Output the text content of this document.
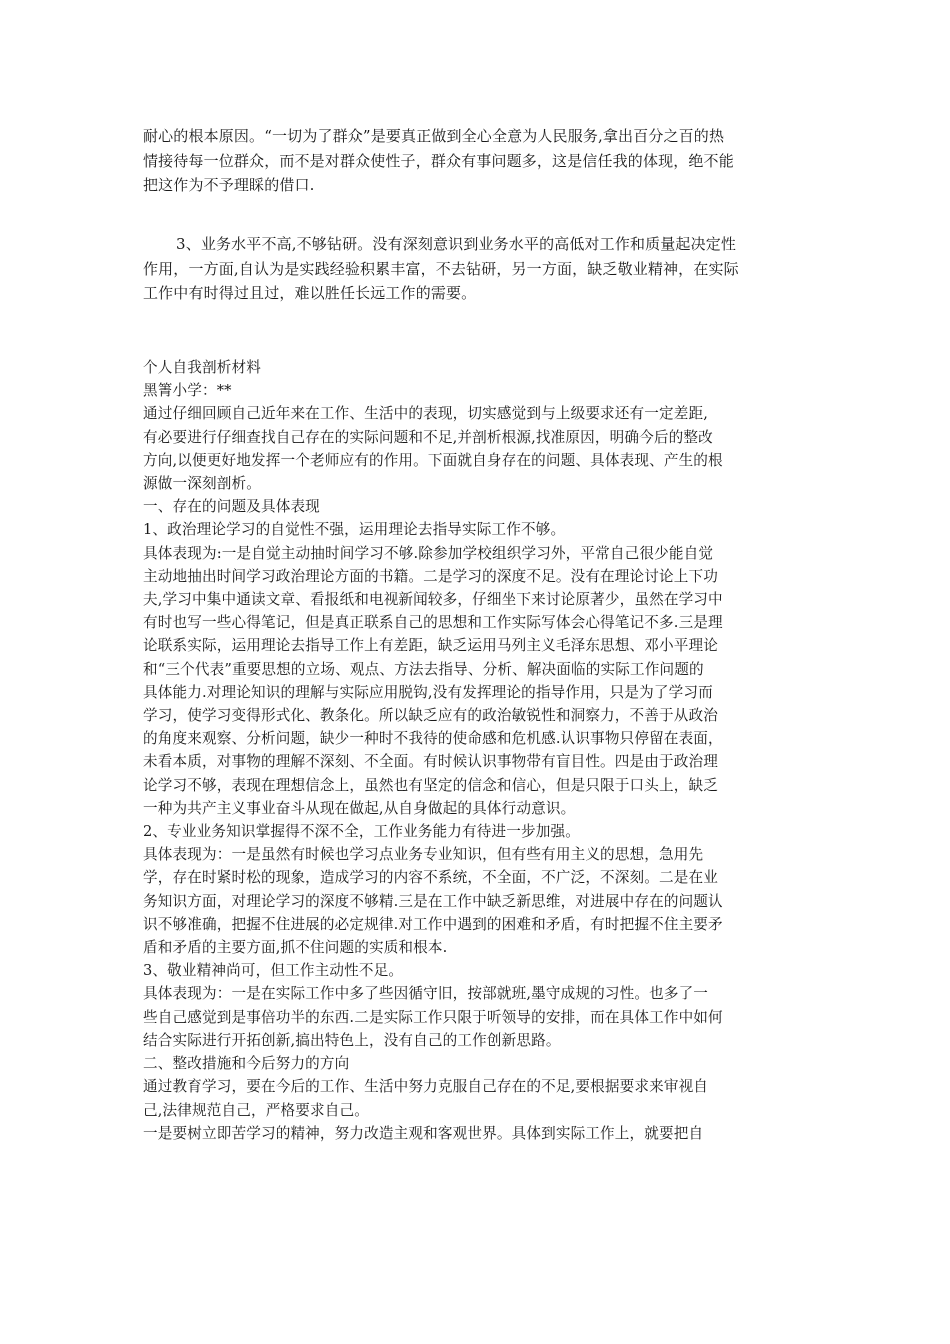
耐心的根本原因。“一切为了群众”是要真正做到全心全意为人民服务,拿出百分之百的热
情接待每一位群众，而不是对群众使性子，群众有事问题多，这是信任我的体现，绝不能
把这作为不予理睬的借口.
3、业务水平不高,不够钻研。没有深刻意识到业务水平的高低对工作和质量起决定性
作用，一方面,自认为是实践经验积累丰富，不去钻研，另一方面，缺乏敬业精神，在实际
工作中有时得过且过，难以胜任长远工作的需要。
个人自我剖析材料
黑箐小学：**
通过仔细回顾自己近年来在工作、生活中的表现，切实感觉到与上级要求还有一定差距,
有必要进行仔细查找自己存在的实际问题和不足,并剖析根源,找准原因，明确今后的整改
方向,以便更好地发挥一个老师应有的作用。下面就自身存在的问题、具体表现、产生的根
源做一深刻剖析。
一、存在的问题及具体表现
1、政治理论学习的自觉性不强，运用理论去指导实际工作不够。
具体表现为:一是自觉主动抽时间学习不够.除参加学校组织学习外，平常自己很少能自觉
主动地抽出时间学习政治理论方面的书籍。二是学习的深度不足。没有在理论讨论上下功
夫,学习中集中通读文章、看报纸和电视新闻较多，仔细坐下来讨论原著少，虽然在学习中
有时也写一些心得笔记，但是真正联系自己的思想和工作实际写体会心得笔记不多.三是理
论联系实际，运用理论去指导工作上有差距，缺乏运用马列主义毛泽东思想、邓小平理论
和“三个代表”重要思想的立场、观点、方法去指导、分析、解决面临的实际工作问题的
具体能力.对理论知识的理解与实际应用脱钩,没有发挥理论的指导作用，只是为了学习而
学习，使学习变得形式化、教条化。所以缺乏应有的政治敏锐性和洞察力，不善于从政治
的角度来观察、分析问题，缺少一种时不我待的使命感和危机感.认识事物只停留在表面，
未看本质，对事物的理解不深刻、不全面。有时候认识事物带有盲目性。四是由于政治理
论学习不够，表现在理想信念上，虽然也有坚定的信念和信心，但是只限于口头上，缺乏
一种为共产主义事业奋斗从现在做起,从自身做起的具体行动意识。
2、专业业务知识掌握得不深不全，工作业务能力有待进一步加强。
具体表现为：一是虽然有时候也学习点业务专业知识，但有些有用主义的思想，急用先
学，存在时紧时松的现象，造成学习的内容不系统，不全面，不广泛，不深刻。二是在业
务知识方面，对理论学习的深度不够精.三是在工作中缺乏新思维，对进展中存在的问题认
识不够准确，把握不住进展的必定规律.对工作中遇到的困难和矛盾，有时把握不住主要矛
盾和矛盾的主要方面,抓不住问题的实质和根本.
3、敬业精神尚可，但工作主动性不足。
具体表现为：一是在实际工作中多了些因循守旧，按部就班,墨守成规的习性。也多了一
些自己感觉到是事倍功半的东西.二是实际工作只限于听领导的安排，而在具体工作中如何
结合实际进行开拓创新,搞出特色上，没有自己的工作创新思路。
二、整改措施和今后努力的方向
通过教育学习，要在今后的工作、生活中努力克服自己存在的不足,要根据要求来审视自
己,法律规范自己，严格要求自己。
一是要树立即苦学习的精神，努力改造主观和客观世界。具体到实际工作上，就要把自
